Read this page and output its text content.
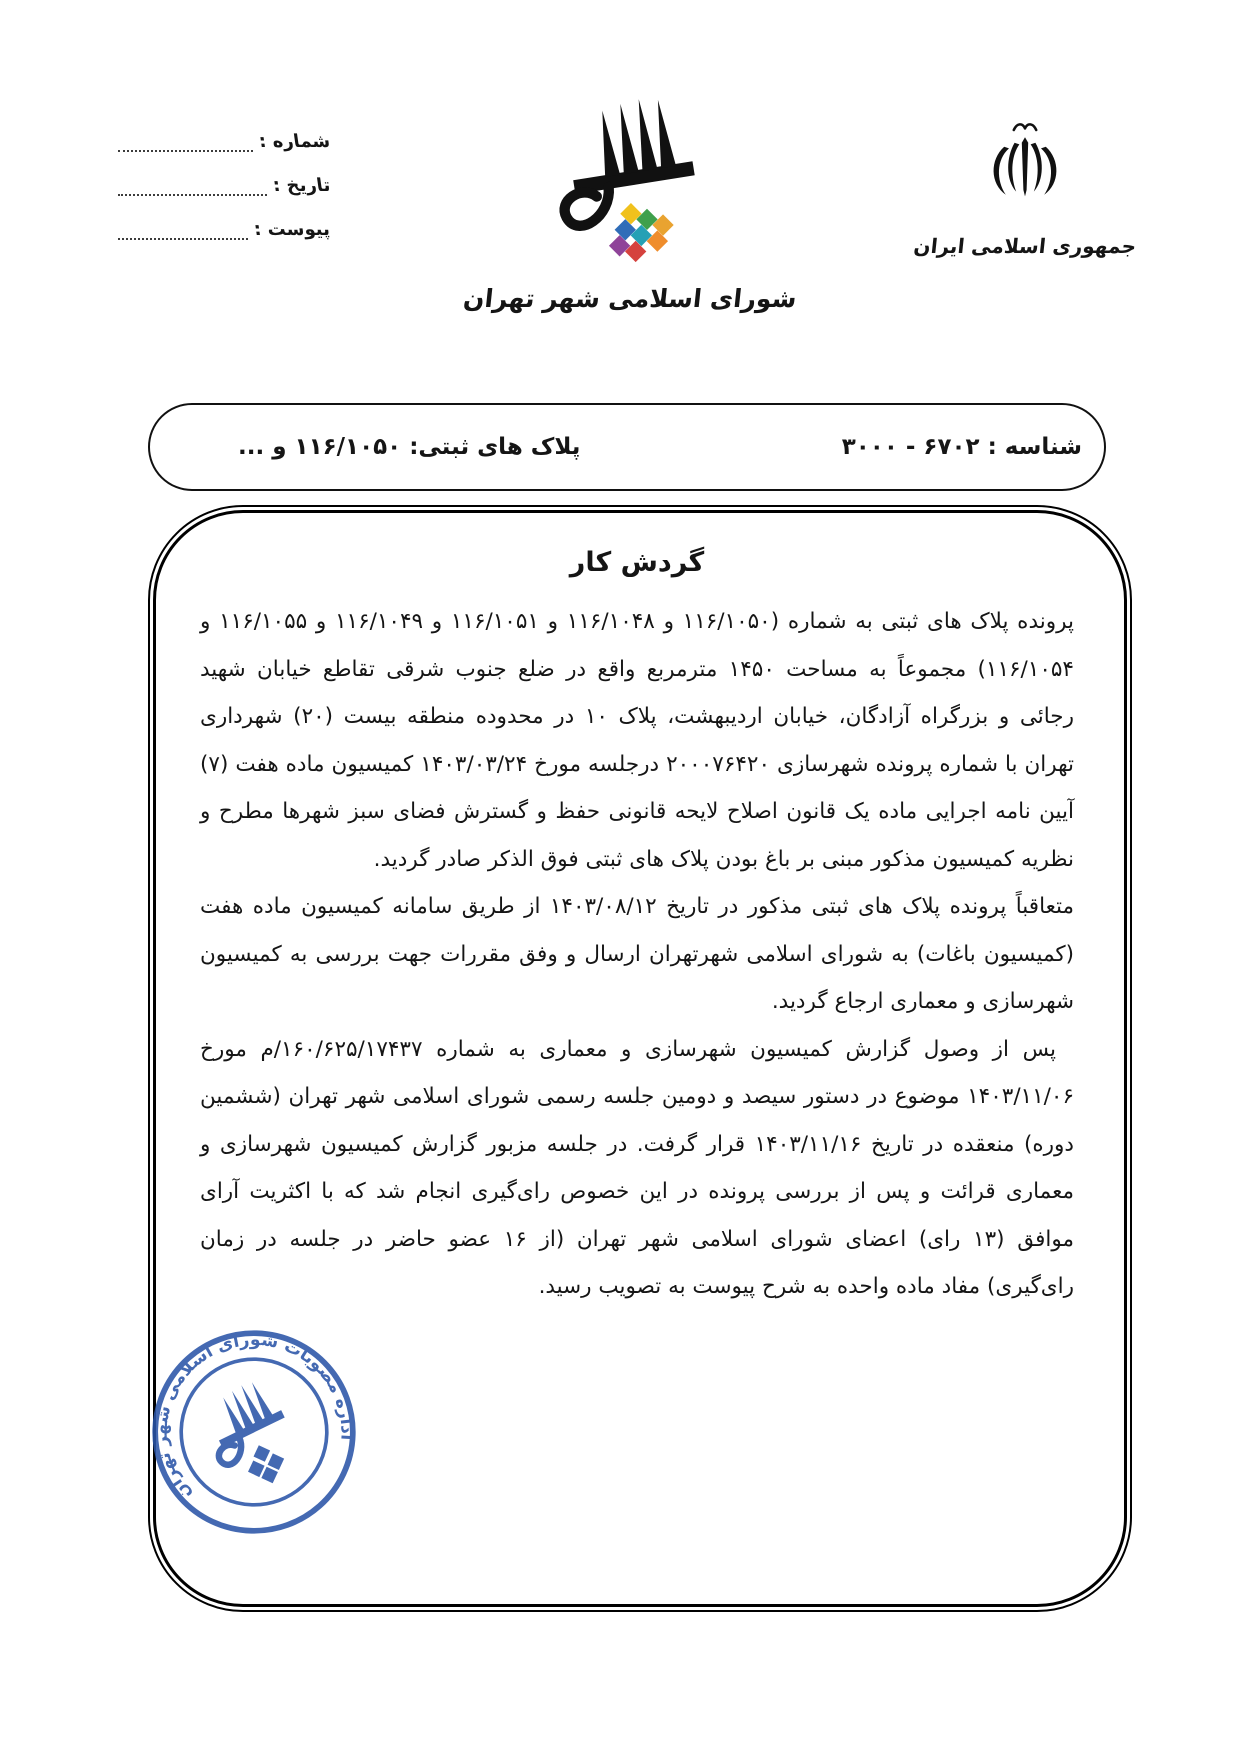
شماره :
تاریخ :
پیوست :
شورای اسلامی شهر تهران
جمهوری اسلامی ایران
شناسه : ۶۷۰۲ - ۳۰۰۰
پلاک های ثبتی: ۱۱۶/۱۰۵۰ و ...
گردش کار

پرونده پلاک های ثبتی به شماره (۱۱۶/۱۰۵۰ و ۱۱۶/۱۰۴۸ و ۱۱۶/۱۰۵۱ و ۱۱۶/۱۰۴۹ و ۱۱۶/۱۰۵۵ و ۱۱۶/۱۰۵۴) مجموعاً به مساحت ۱۴۵۰ مترمربع واقع در ضلع جنوب شرقی تقاطع خیابان شهید رجائی و بزرگراه آزادگان، خیابان اردیبهشت، پلاک ۱۰ در محدوده منطقه بیست (۲۰) شهرداری تهران با شماره پرونده شهرسازی ۲۰۰۰۷۶۴۲۰ درجلسه مورخ ۱۴۰۳/۰۳/۲۴ کمیسیون ماده هفت (۷) آیین نامه اجرایی ماده یک قانون اصلاح لایحه قانونی حفظ و گسترش فضای سبز شهرها مطرح و نظریه کمیسیون مذکور مبنی بر باغ بودن پلاک های ثبتی فوق الذکر صادر گردید.

متعاقباً پرونده پلاک های ثبتی مذکور در تاریخ ۱۴۰۳/۰۸/۱۲ از طریق سامانه کمیسیون ماده هفت (کمیسیون باغات) به شورای اسلامی شهرتهران ارسال و وفق مقررات جهت بررسی به کمیسیون شهرسازی و معماری ارجاع گردید.

پس از وصول گزارش کمیسیون شهرسازی و معماری به شماره ۱۶۰/۶۲۵/۱۷۴۳۷/م مورخ ۱۴۰۳/۱۱/۰۶ موضوع در دستور سیصد و دومین جلسه رسمی شورای اسلامی شهر تهران (ششمین دوره) منعقده در تاریخ ۱۴۰۳/۱۱/۱۶ قرار گرفت. در جلسه مزبور گزارش کمیسیون شهرسازی و معماری قرائت و پس از بررسی پرونده در این خصوص رای‌گیری انجام شد که با اکثریت آرای موافق (۱۳ رای) اعضای شورای اسلامی شهر تهران (از ۱۶ عضو حاضر در جلسه در زمان رای‌گیری) مفاد ماده واحده به شرح پیوست به تصویب رسید.

اداره مصوبات شورای اسلامی شهر تهران
